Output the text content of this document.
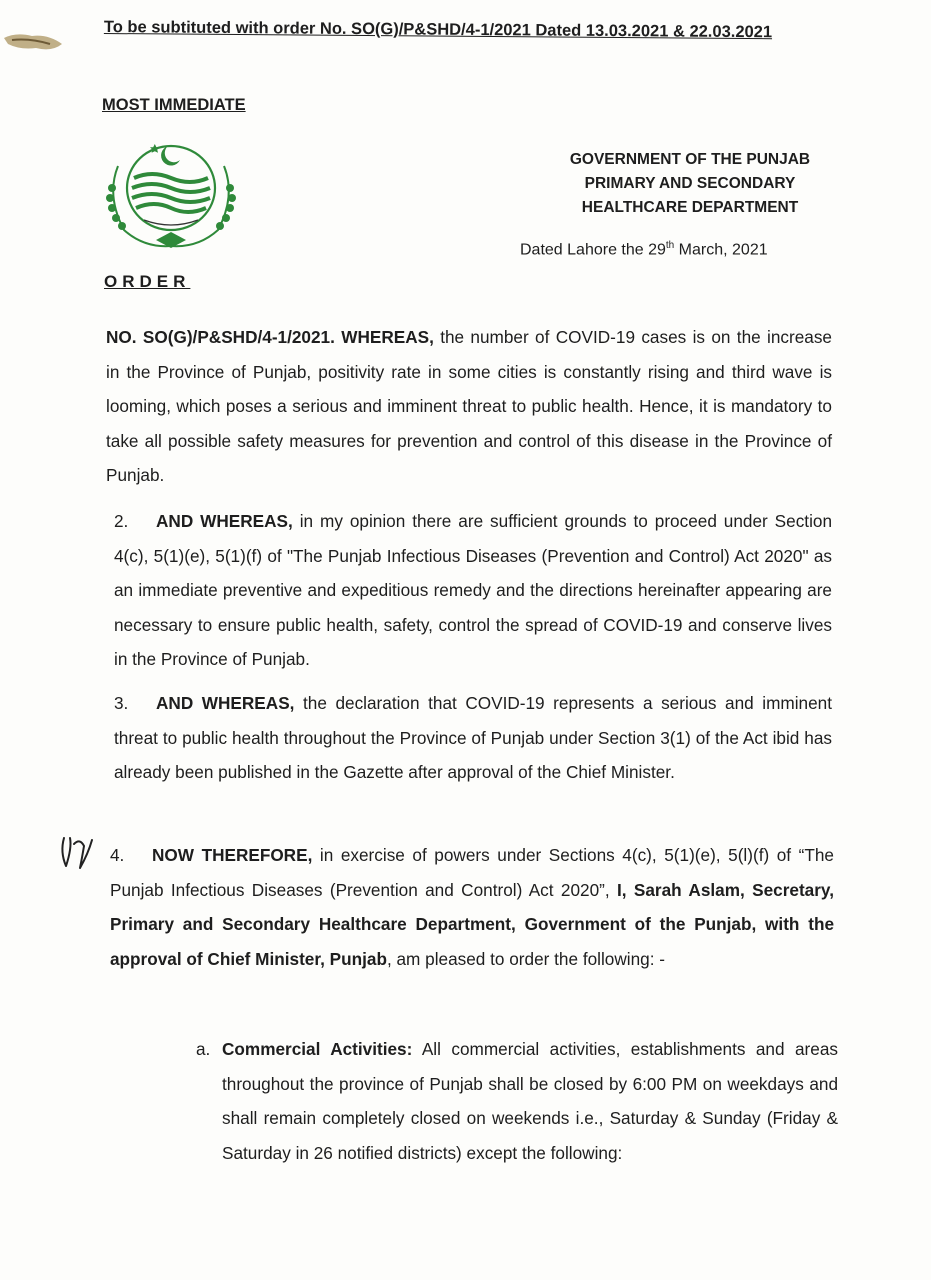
To be subtituted with order No. SO(G)/P&SHD/4-1/2021 Dated 13.03.2021 & 22.03.2021
MOST IMMEDIATE
GOVERNMENT OF THE PUNJAB
PRIMARY AND SECONDARY
HEALTHCARE DEPARTMENT
Dated Lahore the 29th March, 2021
ORDER
NO. SO(G)/P&SHD/4-1/2021. WHEREAS, the number of COVID-19 cases is on the increase in the Province of Punjab, positivity rate in some cities is constantly rising and third wave is looming, which poses a serious and imminent threat to public health. Hence, it is mandatory to take all possible safety measures for prevention and control of this disease in the Province of Punjab.
2. AND WHEREAS, in my opinion there are sufficient grounds to proceed under Section 4(c), 5(1)(e), 5(1)(f) of "The Punjab Infectious Diseases (Prevention and Control) Act 2020" as an immediate preventive and expeditious remedy and the directions hereinafter appearing are necessary to ensure public health, safety, control the spread of COVID-19 and conserve lives in the Province of Punjab.
3. AND WHEREAS, the declaration that COVID-19 represents a serious and imminent threat to public health throughout the Province of Punjab under Section 3(1) of the Act ibid has already been published in the Gazette after approval of the Chief Minister.
4. NOW THEREFORE, in exercise of powers under Sections 4(c), 5(1)(e), 5(l)(f) of “The Punjab Infectious Diseases (Prevention and Control) Act 2020”, I, Sarah Aslam, Secretary, Primary and Secondary Healthcare Department, Government of the Punjab, with the approval of Chief Minister, Punjab, am pleased to order the following: -
a. Commercial Activities: All commercial activities, establishments and areas throughout the province of Punjab shall be closed by 6:00 PM on weekdays and shall remain completely closed on weekends i.e., Saturday & Sunday (Friday & Saturday in 26 notified districts) except the following:
